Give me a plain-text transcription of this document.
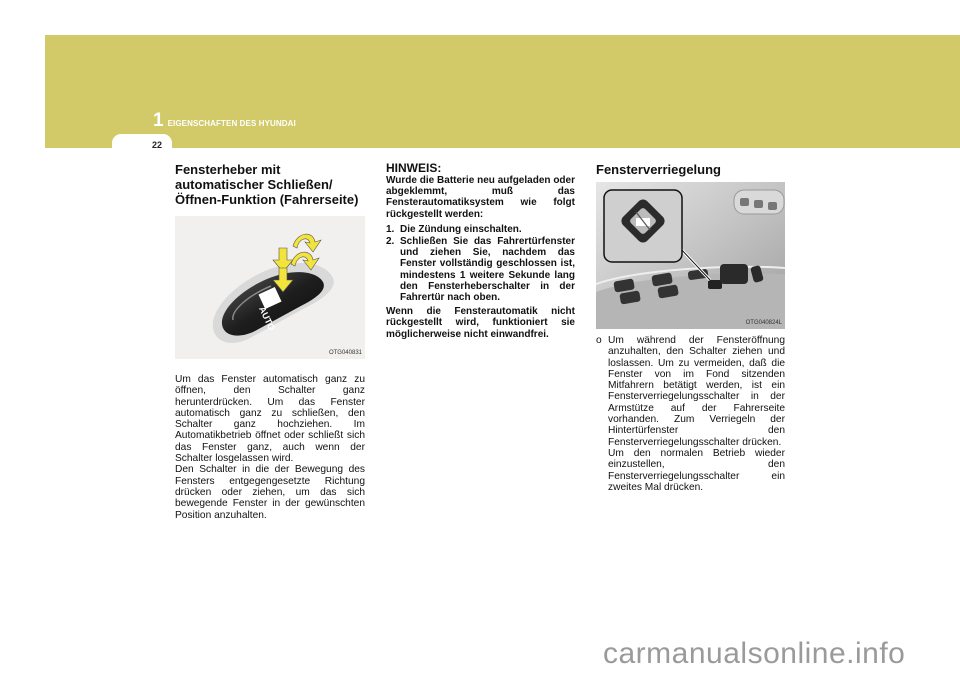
1 EIGENSCHAFTEN DES HYUNDAI
22
Fensterheber mit automatischer Schließen/Öffnen-Funktion (Fahrerseite)
AUTO
OTG040831

Um das Fenster automatisch ganz zu öffnen, den Schalter ganz herunterdrücken. Um das Fenster automatisch ganz zu schließen, den Schalter ganz hochziehen. Im Automatikbetrieb öffnet oder schließt sich das Fenster ganz, auch wenn der Schalter losgelassen wird.

Den Schalter in die der Bewegung des Fensters entgegengesetzte Richtung drücken oder ziehen, um das sich bewegende Fenster in der gewünschten Position anzuhalten.

HINWEIS:

Wurde die Batterie neu aufgeladen oder abgeklemmt, muß das Fensterautomatiksystem wie folgt rückgestellt werden:

1. Die Zündung einschalten.
2. Schließen Sie das Fahrertürfenster und ziehen Sie, nachdem das Fenster vollständig geschlossen ist, mindestens 1 weitere Sekunde lang den Fensterheberschalter in der Fahrertür nach oben.

Wenn die Fensterautomatik nicht rückgestellt wird, funktioniert sie möglicherweise nicht einwandfrei.

Fensterverriegelung
OTG040824L
o Um während der Fensteröffnung anzuhalten, den Schalter ziehen und loslassen. Um zu vermeiden, daß die Fenster von im Fond sitzenden Mitfahrern betätigt werden, ist ein Fensterverriegelungsschalter in der Armstütze auf der Fahrerseite vorhanden. Zum Verriegeln der Hintertürfenster den Fensterverriegelungsschalter drücken.

Um den normalen Betrieb wieder einzustellen, den Fensterverriegelungsschalter ein zweites Mal drücken.

carmanualsonline.info
